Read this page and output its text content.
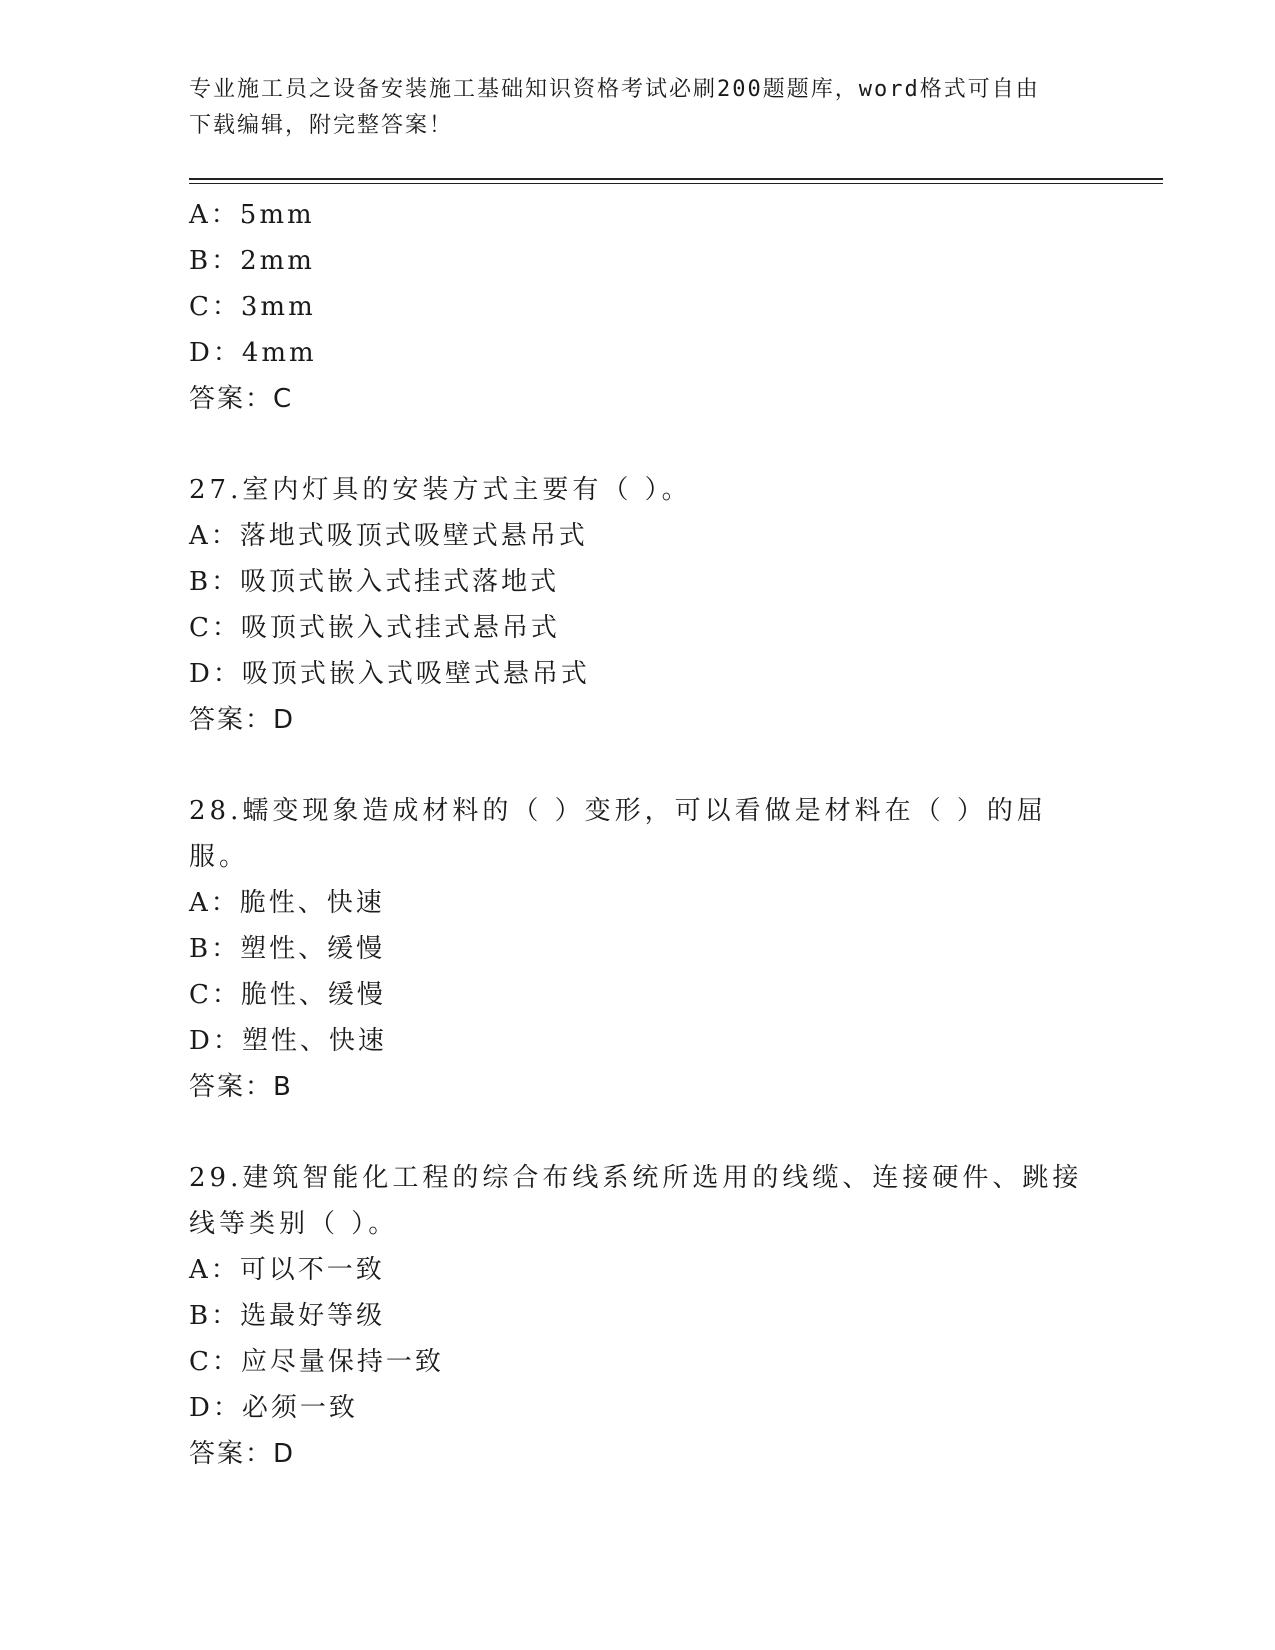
专业施工员之设备安装施工基础知识资格考试必刷200题题库，word格式可自由
下载编辑，附完整答案！
A：5mm
B：2mm
C：3mm
D：4mm
答案：C
27.室内灯具的安装方式主要有（ ）。
A：落地式吸顶式吸壁式悬吊式
B：吸顶式嵌入式挂式落地式
C：吸顶式嵌入式挂式悬吊式
D：吸顶式嵌入式吸壁式悬吊式
答案：D
28.蠕变现象造成材料的（ ）变形，可以看做是材料在（ ）的屈服。
A：脆性、快速
B：塑性、缓慢
C：脆性、缓慢
D：塑性、快速
答案：B
29.建筑智能化工程的综合布线系统所选用的线缆、连接硬件、跳接线等类别（ ）。
A：可以不一致
B：选最好等级
C：应尽量保持一致
D：必须一致
答案：D
